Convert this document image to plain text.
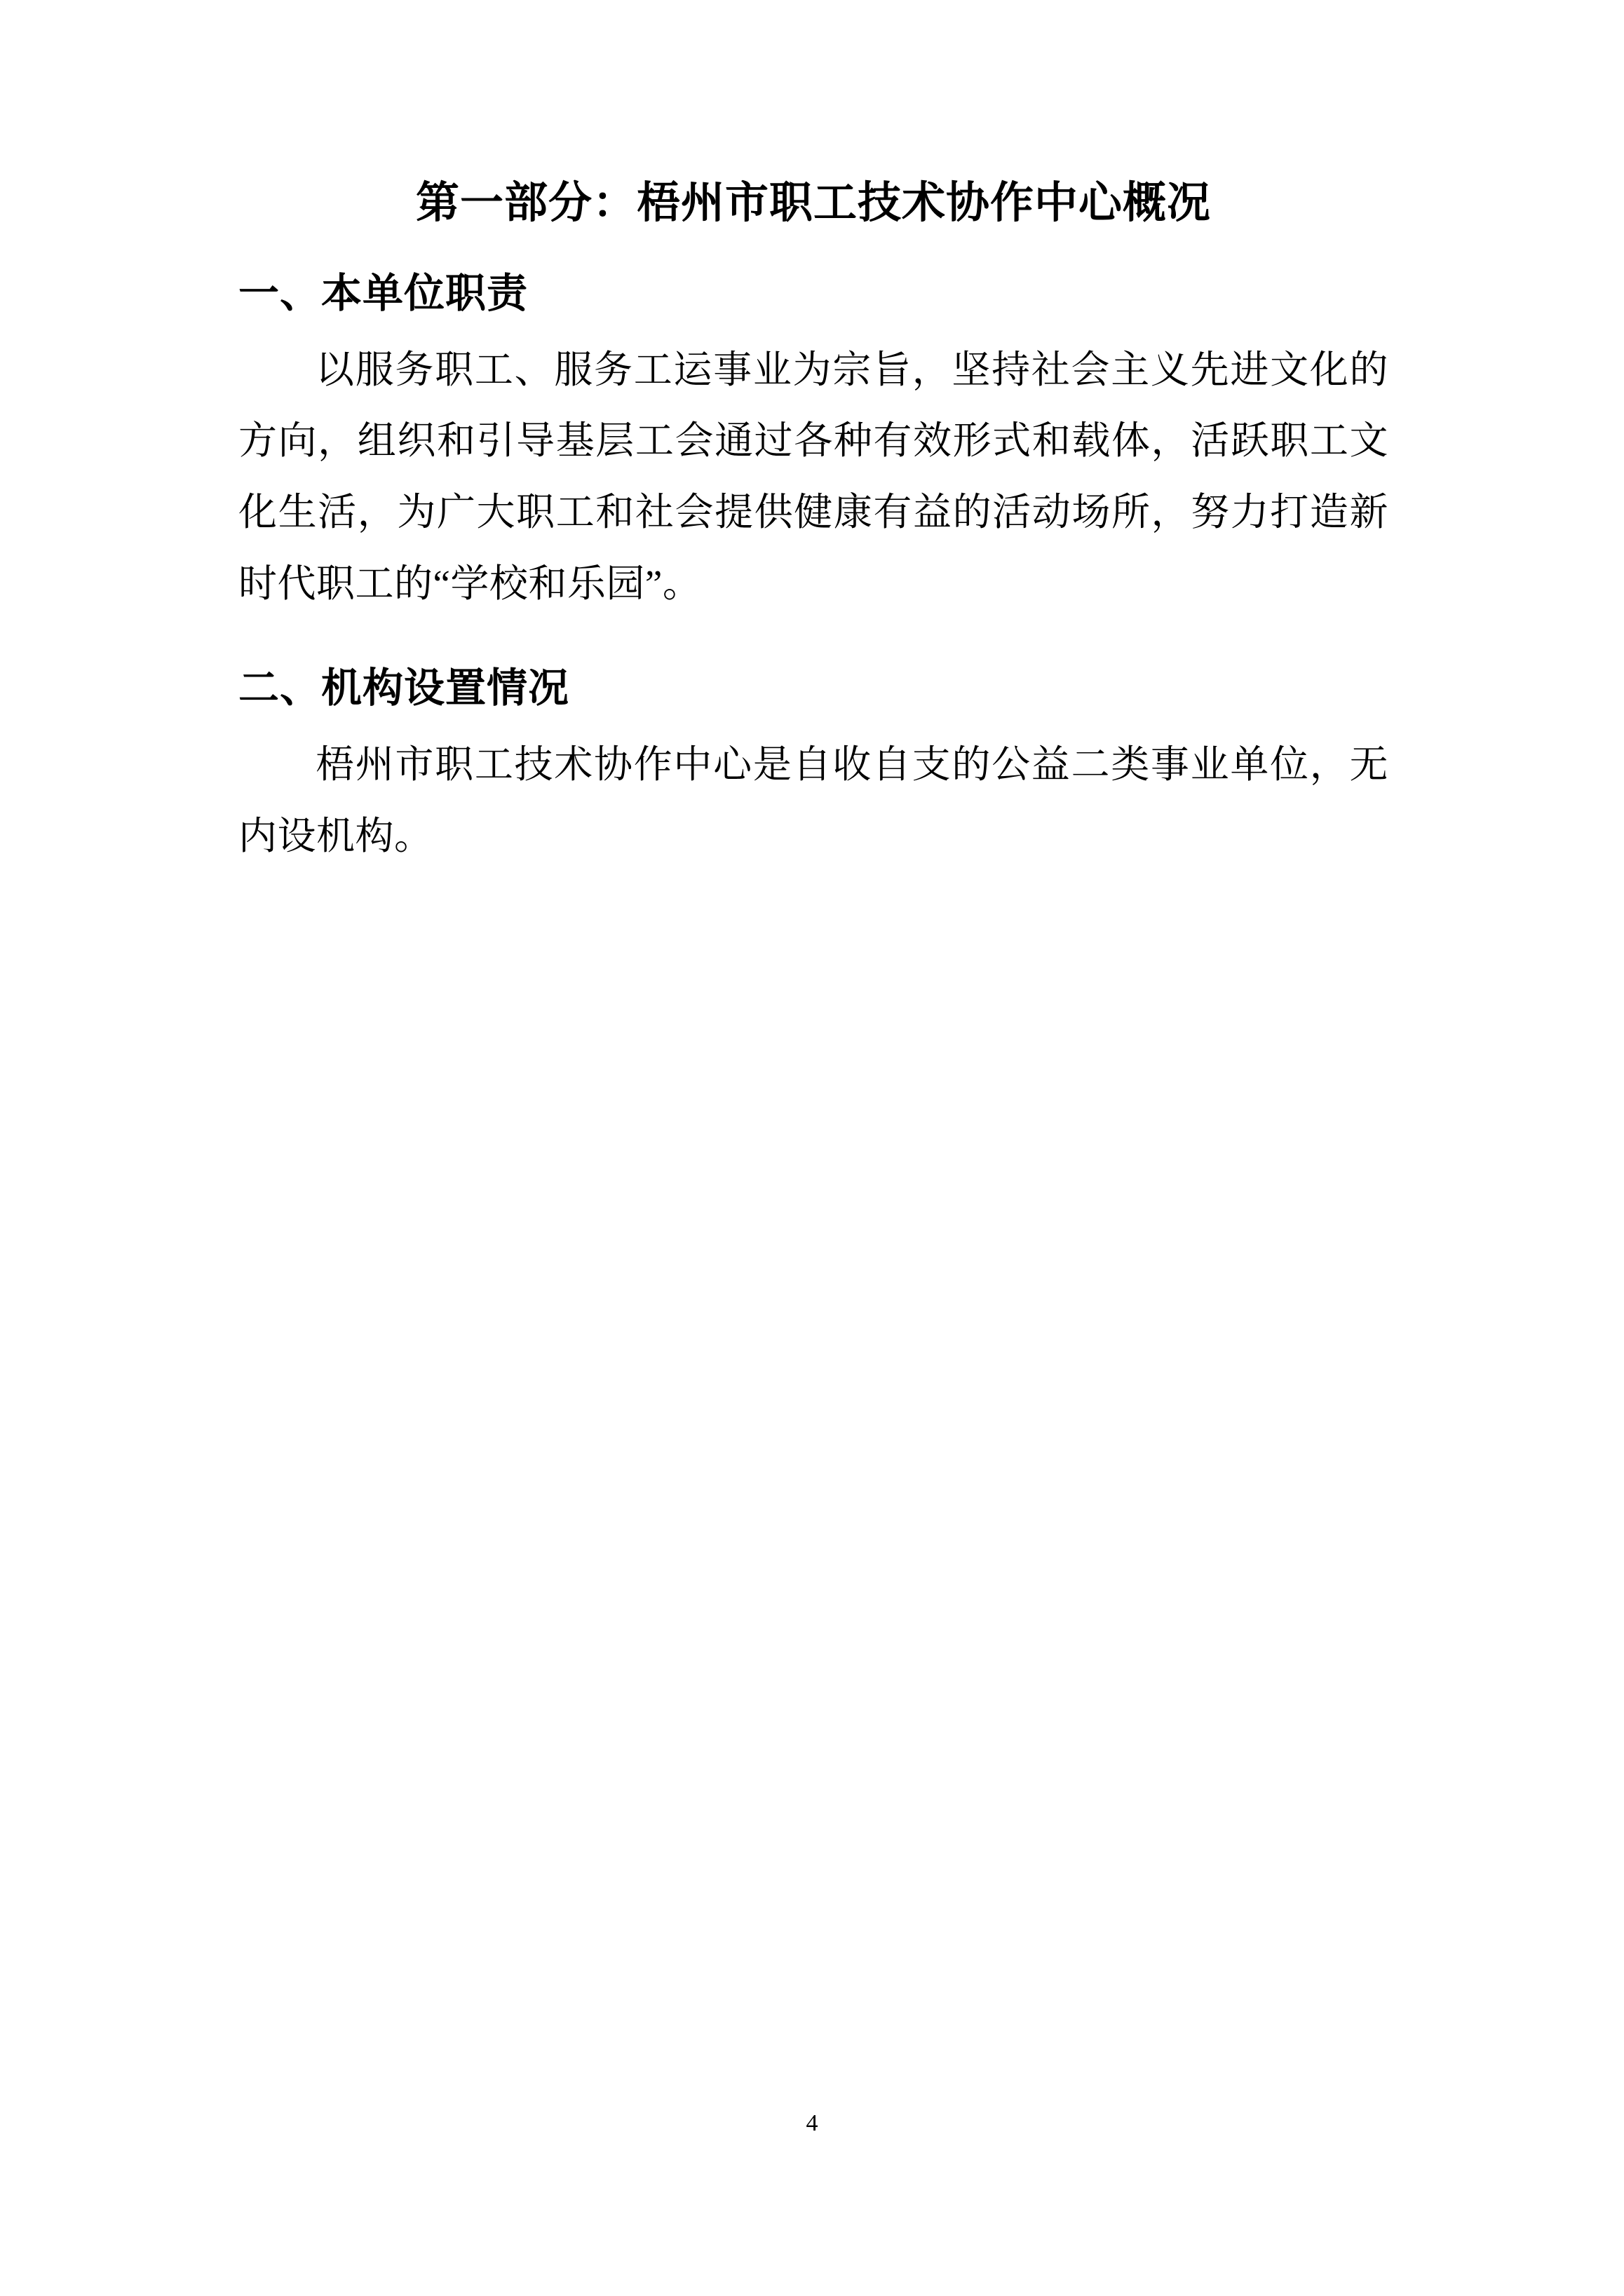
第一部分：梧州市职工技术协作中心概况
一、本单位职责

以服务职工、服务工运事业为宗旨，坚持社会主义先进文化的方向，组织和引导基层工会通过各种有效形式和载体，活跃职工文化生活，为广大职工和社会提供健康有益的活动场所，努力打造新时代职工的“学校和乐园”。

二、机构设置情况

梧州市职工技术协作中心是自收自支的公益二类事业单位，无内设机构。

4
